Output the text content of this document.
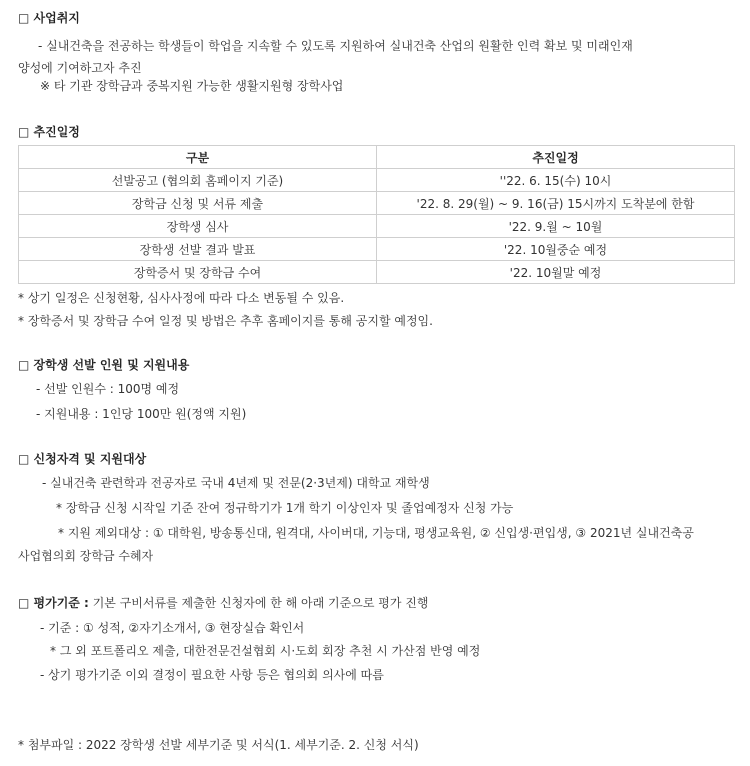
□ 사업취지
- 실내건축을 전공하는 학생들이 학업을 지속할 수 있도록 지원하여 실내건축 산업의 원활한 인력 확보 및 미래인재
양성에 기여하고자 추진
※ 타 기관 장학금과 중복지원 가능한 생활지원형 장학사업
□ 추진일정
구분	추진일정
선발공고 (협의회 홈페이지 기준)	''22. 6. 15(수) 10시
장학금 신청 및 서류 제출	'22. 8. 29(월) ~ 9. 16(금) 15시까지 도착분에 한함
장학생 심사	'22. 9.월 ~ 10월
장학생 선발 결과 발표	'22. 10월중순 예정
장학증서 및 장학금 수여	'22. 10월말 예정
* 상기 일정은 신청현황, 심사사정에 따라 다소 변동될 수 있음.
* 장학증서 및 장학금 수여 일정 및 방법은 추후 홈페이지를 통해 공지할 예정임.
□ 장학생 선발 인원 및 지원내용
- 선발 인원수 : 100명 예정
- 지원내용 : 1인당 100만 원(정액 지원)
□ 신청자격 및 지원대상
- 실내건축 관련학과 전공자로 국내 4년제 및 전문(2·3년제) 대학교 재학생
* 장학금 신청 시작일 기준 잔여 정규학기가 1개 학기 이상인자 및 졸업예정자 신청 가능
* 지원 제외대상 : ① 대학원, 방송통신대, 원격대, 사이버대, 기능대, 평생교육원, ② 신입생·편입생, ③ 2021년 실내건축공
사업협의회 장학금 수혜자
□ 평가기준 : 기본 구비서류를 제출한 신청자에 한 해 아래 기준으로 평가 진행
- 기준 : ① 성적, ②자기소개서, ③ 현장실습 확인서
* 그 외 포트폴리오 제출, 대한전문건설협회 시·도회 회장 추천 시 가산점 반영 예정
- 상기 평가기준 이외 결정이 필요한 사항 등은 협의회 의사에 따름
* 첨부파일 : 2022 장학생 선발 세부기준 및 서식(1. 세부기준. 2. 신청 서식)
